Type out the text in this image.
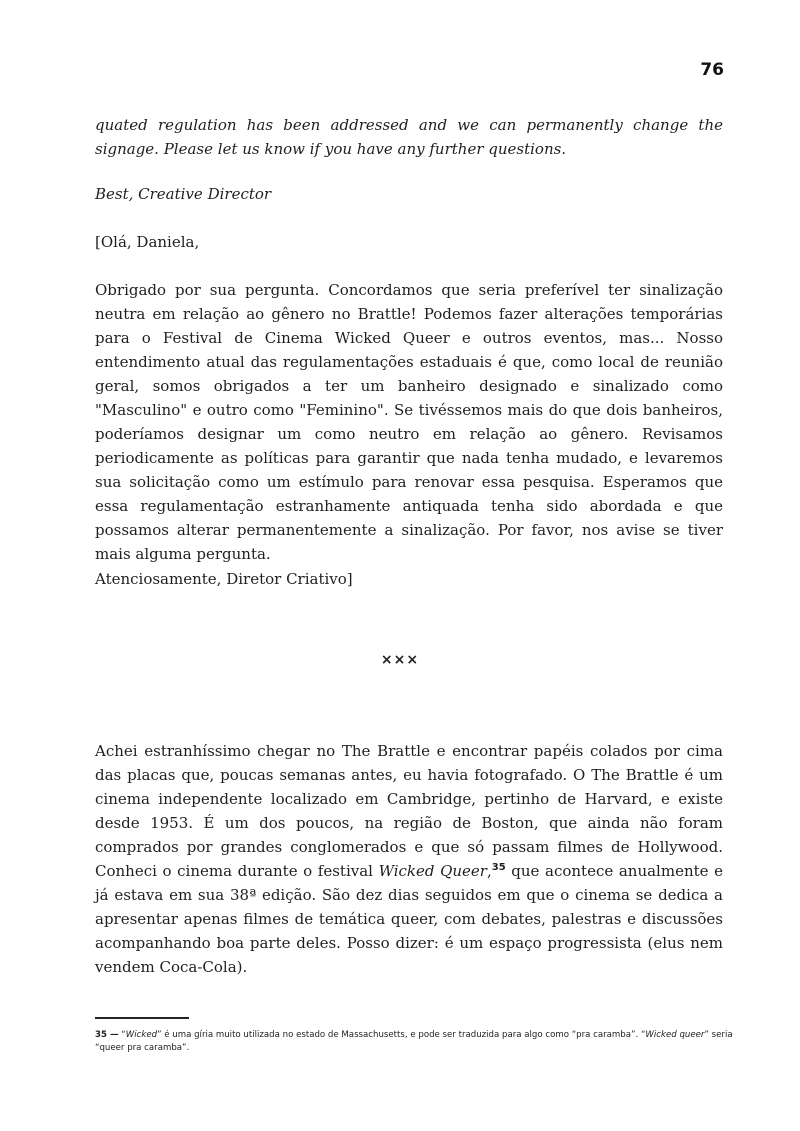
76

quated regulation has been addressed and we can permanently change the signage. Please let us know if you have any further questions.

Best, Creative Director

[Olá, Daniela,

Obrigado por sua pergunta. Concordamos que seria preferível ter sinalização neutra em relação ao gênero no Brattle! Podemos fazer alterações temporárias para o Festival de Cinema Wicked Queer e outros eventos, mas... Nosso entendimento atual das regulamentações estaduais é que, como local de reunião geral, somos obrigados a ter um banheiro designado e sinalizado como "Masculino" e outro como "Feminino". Se tivéssemos mais do que dois banheiros, poderíamos designar um como neutro em relação ao gênero. Revisamos periodicamente as políticas para garantir que nada tenha mudado, e levaremos sua solicitação como um estímulo para renovar essa pesquisa. Esperamos que essa regulamentação estranhamente antiquada tenha sido abordada e que possamos alterar permanentemente a sinalização. Por favor, nos avise se tiver mais alguma pergunta.

Atenciosamente, Diretor Criativo]

×××

Achei estranhíssimo chegar no The Brattle e encontrar papéis colados por cima das placas que, poucas semanas antes, eu havia fotografado. O The Brattle é um cinema independente localizado em Cambridge, pertinho de Harvard, e existe desde 1953. É um dos poucos, na região de Boston, que ainda não foram comprados por grandes conglomerados e que só passam filmes de Hollywood. Conheci o cinema durante o festival Wicked Queer,$^{35}$ que acontece anualmente e já estava em sua 38ª edição. São dez dias seguidos em que o cinema se dedica a apresentar apenas filmes de temática queer, com debates, palestras e discussões acompanhando boa parte deles. Posso dizer: é um espaço progressista (elus nem vendem Coca-Cola).

35 — “Wicked” é uma gíria muito utilizada no estado de Massachusetts, e pode ser traduzida para algo como “pra caramba”. “Wicked queer” seria “queer pra caramba”.
